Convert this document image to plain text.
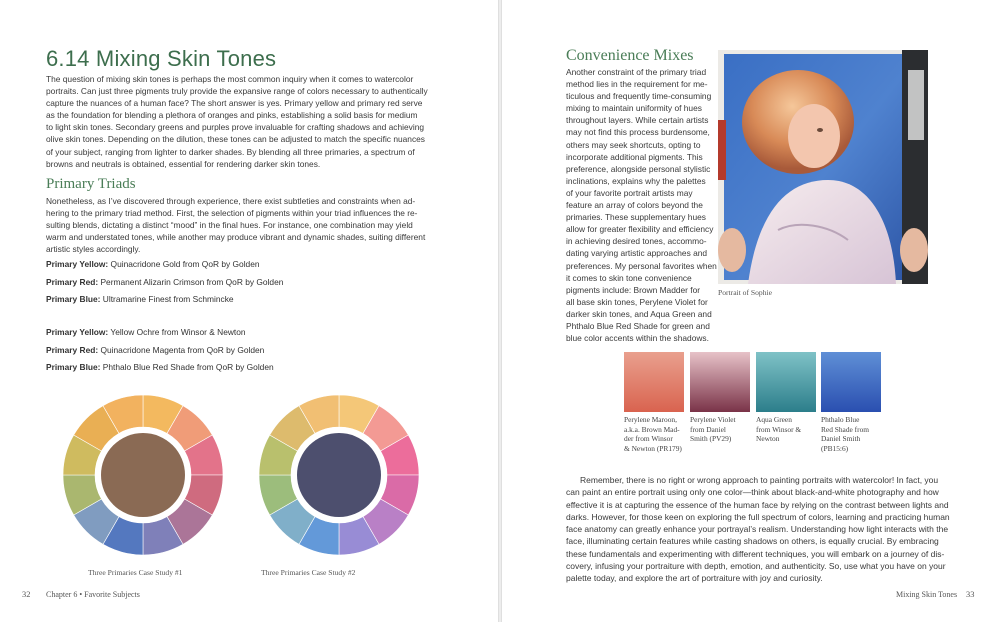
6.14 Mixing Skin Tones
The question of mixing skin tones is perhaps the most common inquiry when it comes to watercolor
portraits. Can just three pigments truly provide the expansive range of colors necessary to authentically
capture the nuances of a human face? The short answer is yes. Primary yellow and primary red serve
as the foundation for blending a plethora of oranges and pinks, establishing a solid basis for medium
to light skin tones. Secondary greens and purples prove invaluable for crafting shadows and achieving
olive skin tones. Depending on the dilution, these tones can be adjusted to match the specific nuances
of your subject, ranging from lighter to darker shades. By blending all three primaries, a spectrum of
browns and neutrals is obtained, essential for rendering darker skin tones.
Primary Triads
Nonetheless, as I’ve discovered through experience, there exist subtleties and constraints when ad-
hering to the primary triad method. First, the selection of pigments within your triad influences the re-
sulting blends, dictating a distinct “mood” in the final hues. For instance, one combination may yield
warm and understated tones, while another may produce vibrant and dynamic shades, suiting different
artistic styles accordingly.
Primary Yellow: Quinacridone Gold from QoR by Golden
Primary Red: Permanent Alizarin Crimson from QoR by Golden
Primary Blue: Ultramarine Finest from Schmincke
Primary Yellow: Yellow Ochre from Winsor & Newton
Primary Red: Quinacridone Magenta from QoR by Golden
Primary Blue: Phthalo Blue Red Shade from QoR by Golden
Three Primaries Case Study #1	Three Primaries Case Study #2
32 Chapter 6 • Favorite Subjects
Convenience Mixes
Another constraint of the primary triad
method lies in the requirement for me-
ticulous and frequently time-consuming
mixing to maintain uniformity of hues
throughout layers. While certain artists
may not find this process burdensome,
others may seek shortcuts, opting to
incorporate additional pigments. This
preference, alongside personal stylistic
inclinations, explains why the palettes
of your favorite portrait artists may
feature an array of colors beyond the
primaries. These supplementary hues
allow for greater flexibility and efficiency
in achieving desired tones, accommo-
dating varying artistic approaches and
preferences. My personal favorites when
it comes to skin tone convenience
pigments include: Brown Madder for
all base skin tones, Perylene Violet for
darker skin tones, and Aqua Green and
Phthalo Blue Red Shade for green and
blue color accents within the shadows.
Portrait of Sophie
Perylene Maroon,
a.k.a. Brown Mad-
der from Winsor
& Newton (PR179)
Perylene Violet
from Daniel
Smith (PV29)
Aqua Green
from Winsor &
Newton
Phthalo Blue
Red Shade from
Daniel Smith
(PB15:6)
Remember, there is no right or wrong approach to painting portraits with watercolor! In fact, you
can paint an entire portrait using only one color—think about black-and-white photography and how
effective it is at capturing the essence of the human face by relying on the contrast between lights and
darks. However, for those keen on exploring the full spectrum of colors, learning and practicing human
face anatomy can greatly enhance your portrayal’s realism. Understanding how light interacts with the
face, illuminating certain features while casting shadows on others, is equally crucial. By embracing
these fundamentals and experimenting with different techniques, you will embark on a journey of dis-
covery, infusing your portraiture with depth, emotion, and authenticity. So, use what you have on your
palette today, and explore the art of portraiture with joy and curiosity.
Mixing Skin Tones 33
